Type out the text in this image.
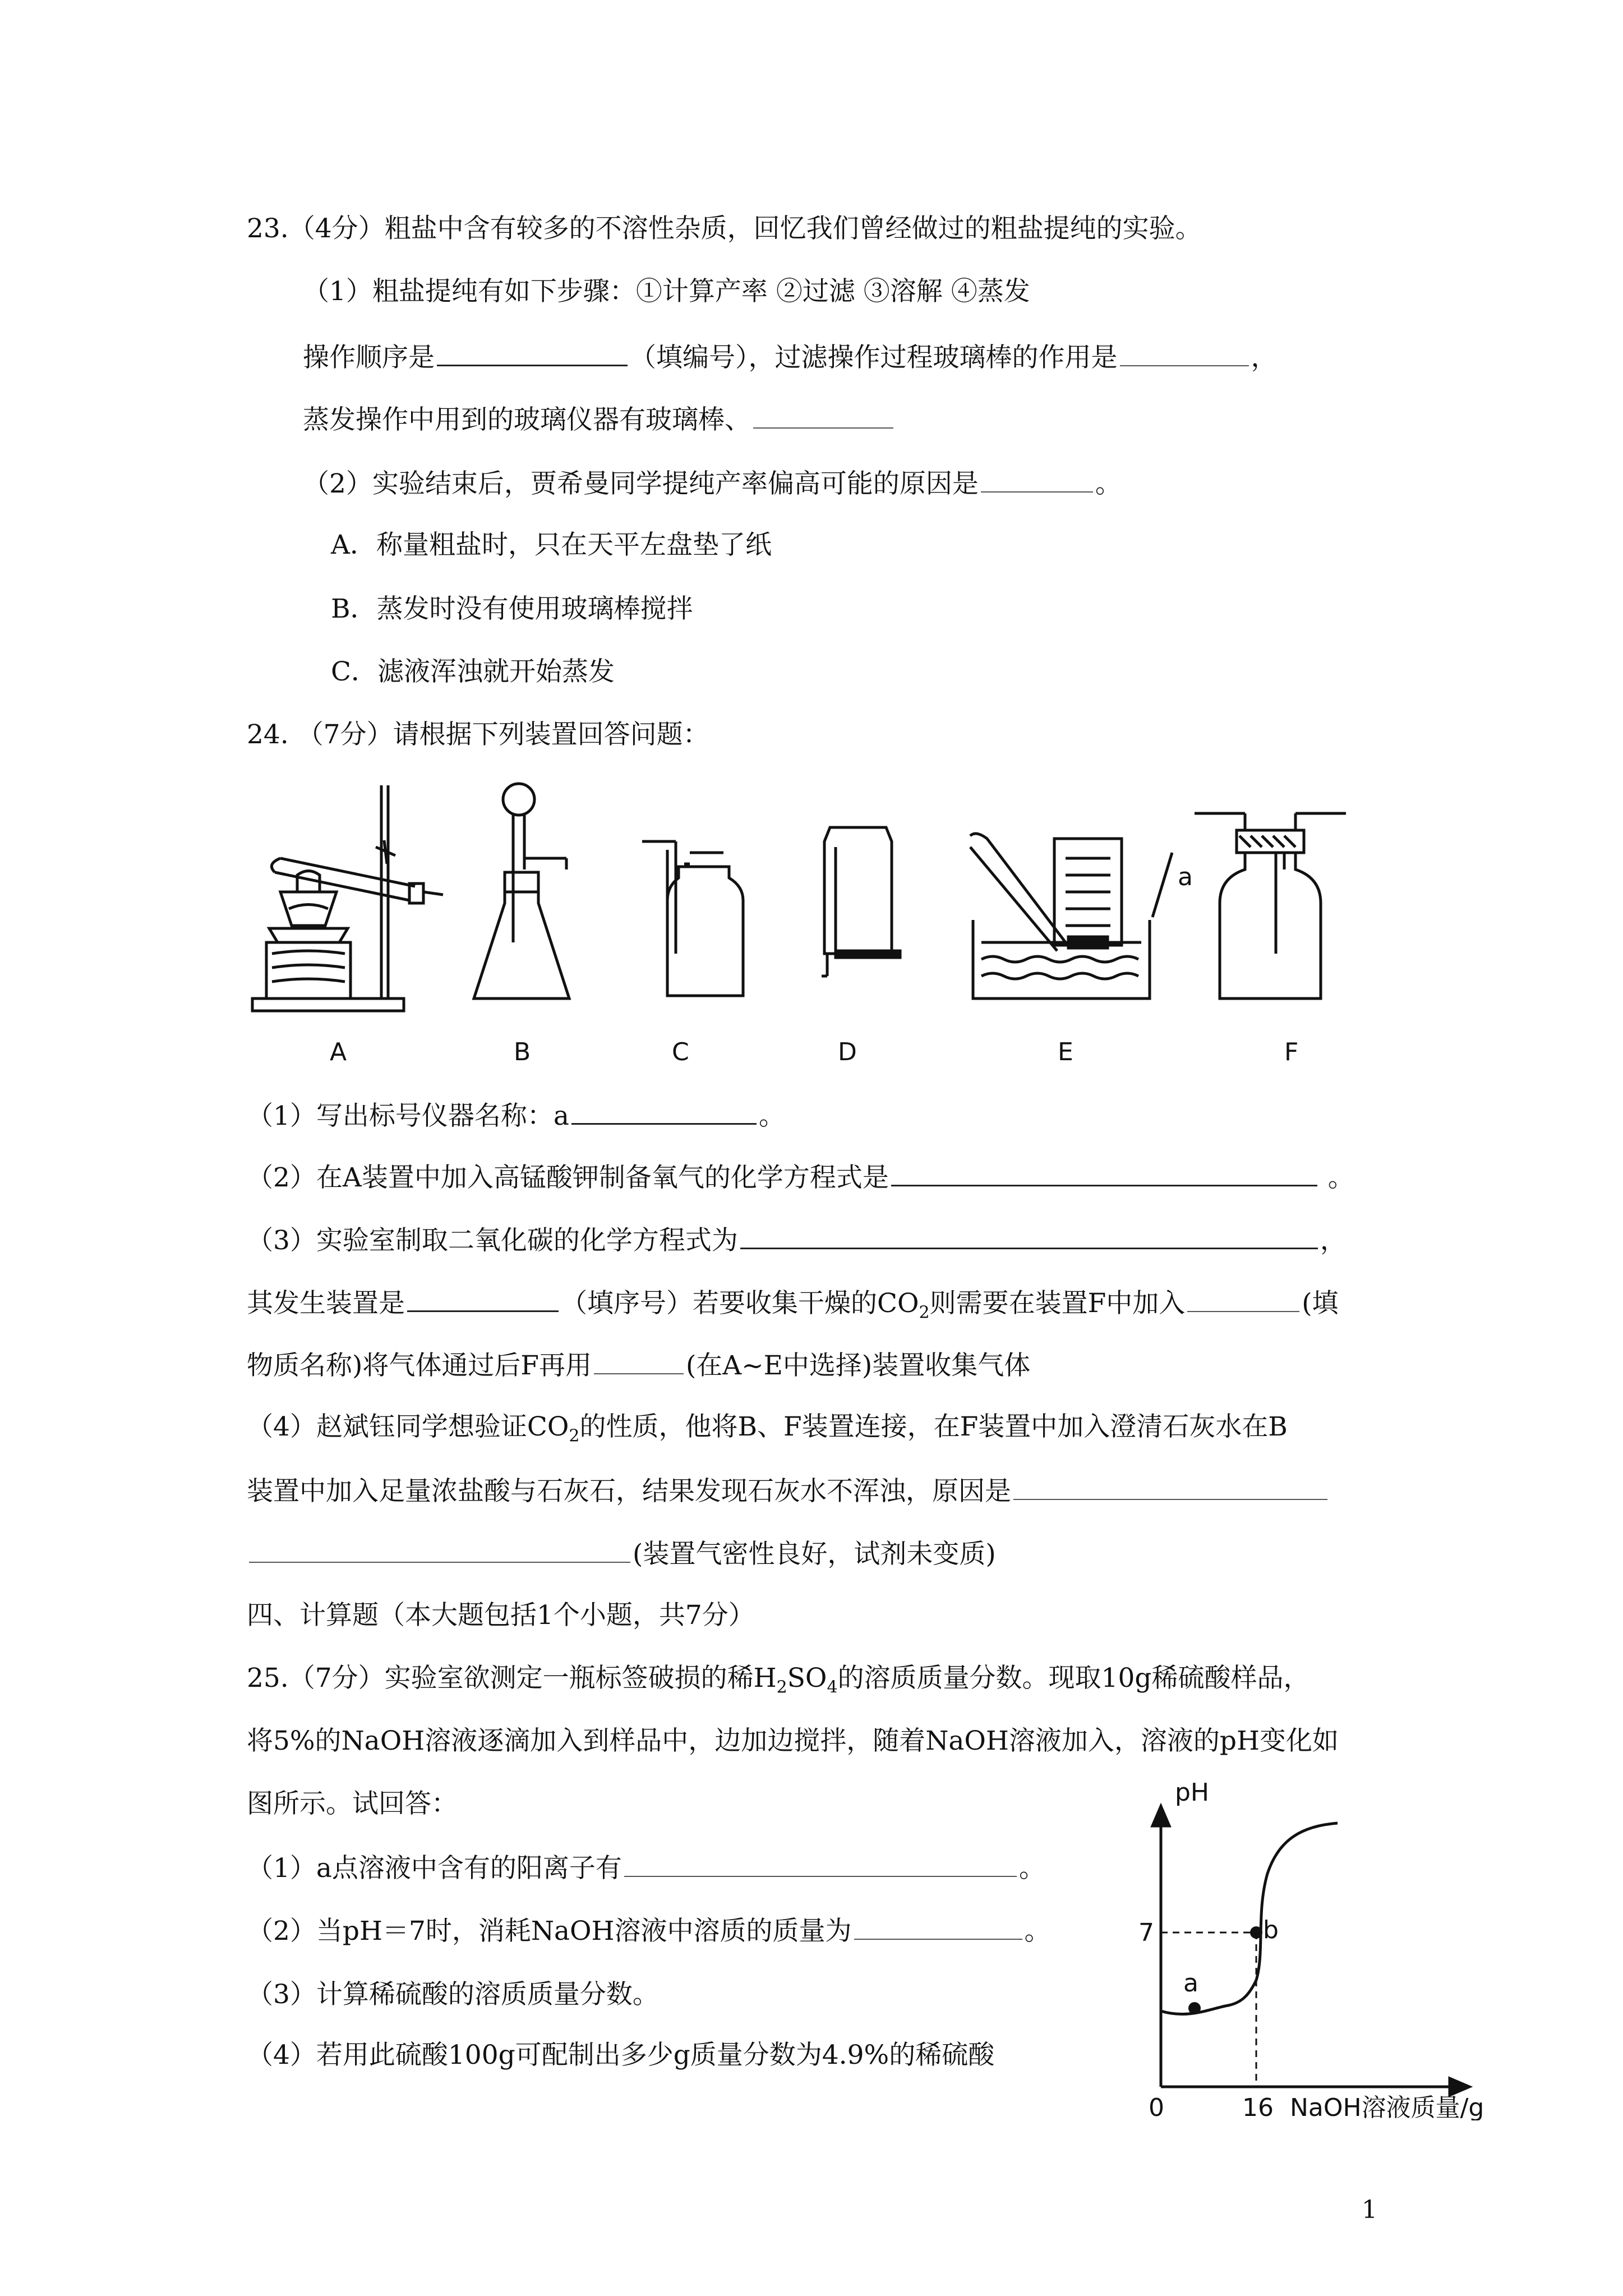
23.（4分）粗盐中含有较多的不溶性杂质，回忆我们曾经做过的粗盐提纯的实验。
（1）粗盐提纯有如下步骤：①计算产率 ②过滤 ③溶解 ④蒸发
操作顺序是	（填编号），过滤操作过程玻璃棒的作用是	，
蒸发操作中用到的玻璃仪器有玻璃棒、
（2）实验结束后，贾希曼同学提纯产率偏高可能的原因是	。
A．称量粗盐时，只在天平左盘垫了纸
B．蒸发时没有使用玻璃棒搅拌
C．滤液浑浊就开始蒸发
24. （7分）请根据下列装置回答问题：
A	B	C	D	E	F
a
（1）写出标号仪器名称：a	。
（2）在A装置中加入高锰酸钾制备氧气的化学方程式是	。
（3）实验室制取二氧化碳的化学方程式为	，
其发生装置是	（填序号）若要收集干燥的$CO_2$则需要在装置F中加入	(填
物质名称)将气体通过后F再用	(在A~E中选择)装置收集气体
（4）赵斌钰同学想验证$CO_2$的性质，他将B、F装置连接，在F装置中加入澄清石灰水在B
装置中加入足量浓盐酸与石灰石，结果发现石灰水不浑浊，原因是
(装置气密性良好，试剂未变质)
四、计算题（本大题包括1个小题，共7分）
25.（7分）实验室欲测定一瓶标签破损的稀$H_2SO_4$的溶质质量分数。现取10g稀硫酸样品，
将5%的NaOH溶液逐滴加入到样品中，边加边搅拌，随着NaOH溶液加入，溶液的pH变化如
图所示。试回答：
（1）a点溶液中含有的阳离子有	。
（2）当pH＝7时，消耗NaOH溶液中溶质的质量为	。
（3）计算稀硫酸的溶质质量分数。
（4）若用此硫酸100g可配制出多少g质量分数为4.9%的稀硫酸
pH
7	b
a
0	16 NaOH溶液质量/g
1
